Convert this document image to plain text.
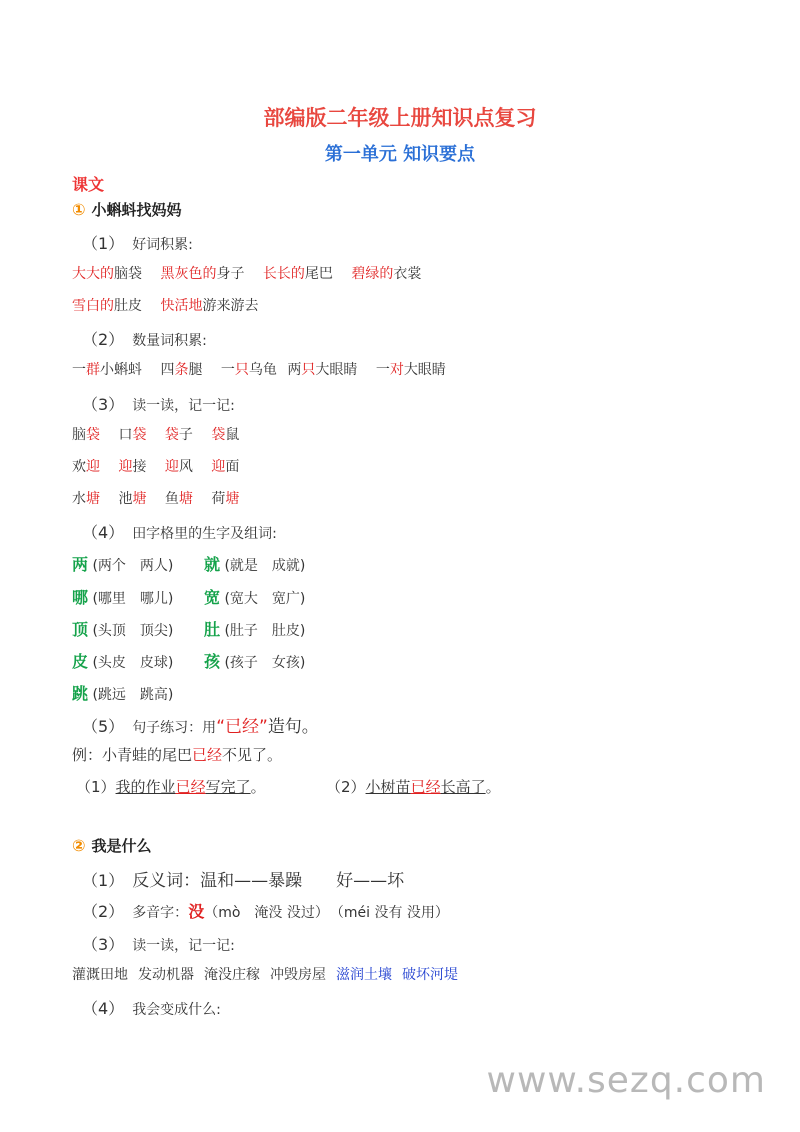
部编版二年级上册知识点复习
第一单元 知识要点
课文
① 小蝌蚪找妈妈
（1） 好词积累:
大大的脑袋 黑灰色的身子 长长的尾巴 碧绿的衣裳
雪白的肚皮 快活地游来游去
（2） 数量词积累:
一群小蝌蚪 四条腿 一只乌龟 两只大眼睛 一对大眼睛
（3） 读一读，记一记:
脑袋 口袋 袋子 袋鼠
欢迎 迎接 迎风 迎面
水塘 池塘 鱼塘 荷塘
（4） 田字格里的生字及组词:
两 (两个　两人) 就 (就是　成就)
哪 (哪里　哪儿) 宽 (宽大　宽广)
顶 (头顶　顶尖) 肚 (肚子　肚皮)
皮 (头皮　皮球) 孩 (孩子　女孩)
跳 (跳远　跳高)
（5） 句子练习：用“已经”造句。
例：小青蛙的尾巴已经不见了。
（1）我的作业已经写完了。	（2）小树苗已经长高了。
② 我是什么
（1） 反义词：温和——暴躁　　好——坏
（2） 多音字：没（mò　淹没 没过） （méi 没有 没用）
（3） 读一读，记一记:
灌溉田地 发动机器 淹没庄稼 冲毁房屋 滋润土壤 破坏河堤
（4） 我会变成什么:
www.sezq.com
